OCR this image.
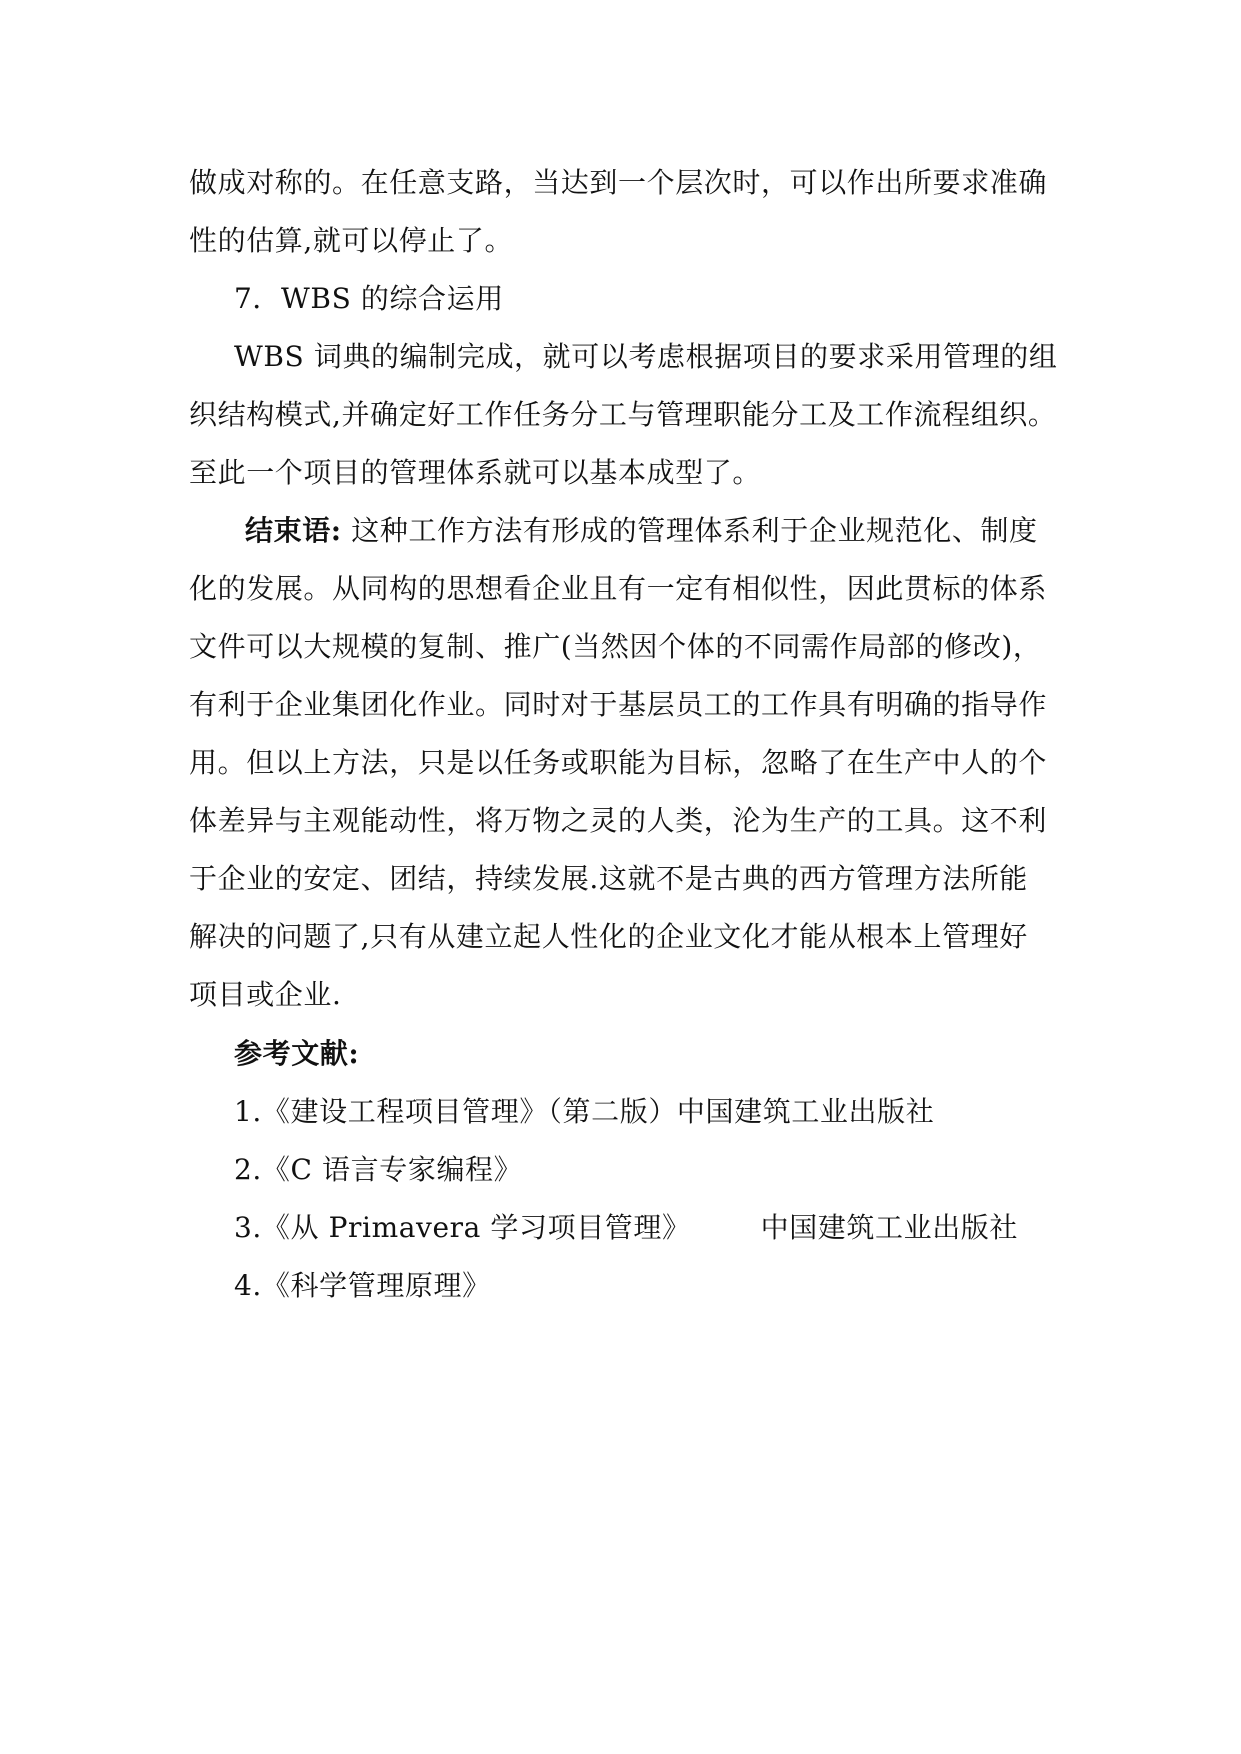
做成对称的。在任意支路，当达到一个层次时，可以作出所要求准确
性的估算,就可以停止了。
7．WBS 的综合运用
WBS 词典的编制完成，就可以考虑根据项目的要求采用管理的组
织结构模式,并确定好工作任务分工与管理职能分工及工作流程组织。
至此一个项目的管理体系就可以基本成型了。
结束语: 这种工作方法有形成的管理体系利于企业规范化、制度
化的发展。从同构的思想看企业且有一定有相似性，因此贯标的体系
文件可以大规模的复制、推广(当然因个体的不同需作局部的修改)，
有利于企业集团化作业。同时对于基层员工的工作具有明确的指导作
用。但以上方法，只是以任务或职能为目标，忽略了在生产中人的个
体差异与主观能动性，将万物之灵的人类，沦为生产的工具。这不利
于企业的安定、团结，持续发展.这就不是古典的西方管理方法所能
解决的问题了,只有从建立起人性化的企业文化才能从根本上管理好
项目或企业.
参考文献:
1.《建设工程项目管理》（第二版）中国建筑工业出版社
2.《C 语言专家编程》
3.《从 Primavera 学习项目管理》	中国建筑工业出版社
4.《科学管理原理》
